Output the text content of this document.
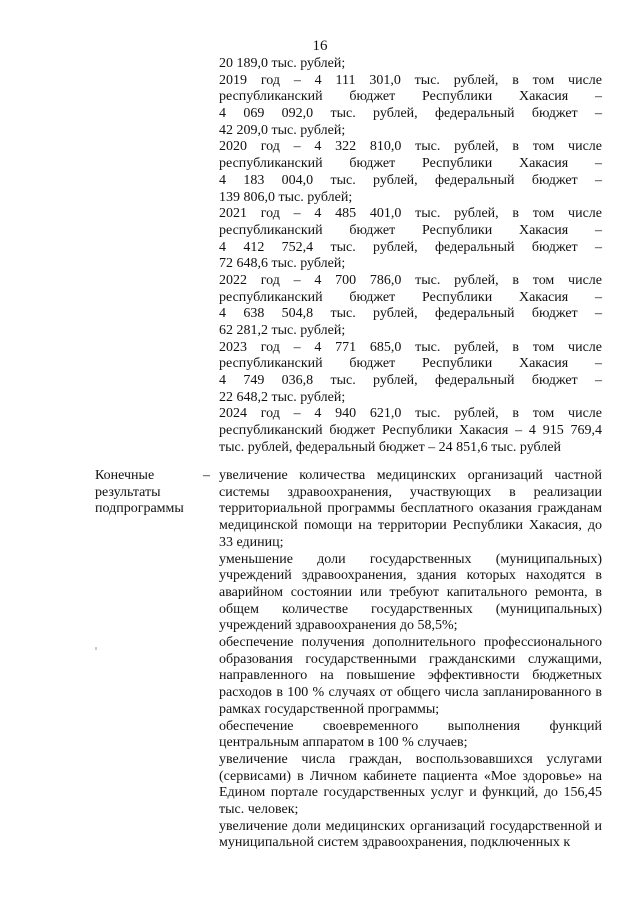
16
20 189,0 тыс. рублей;
2019 год – 4 111 301,0 тыс. рублей, в том числе
республиканский бюджет Республики Хакасия –
4 069 092,0 тыс. рублей, федеральный бюджет –
42 209,0 тыс. рублей;
2020 год – 4 322 810,0 тыс. рублей, в том числе
республиканский бюджет Республики Хакасия –
4 183 004,0 тыс. рублей, федеральный бюджет –
139 806,0 тыс. рублей;
2021 год – 4 485 401,0 тыс. рублей, в том числе
республиканский бюджет Республики Хакасия –
4 412 752,4 тыс. рублей, федеральный бюджет –
72 648,6 тыс. рублей;
2022 год – 4 700 786,0 тыс. рублей, в том числе
республиканский бюджет Республики Хакасия –
4 638 504,8 тыс. рублей, федеральный бюджет –
62 281,2 тыс. рублей;
2023 год – 4 771 685,0 тыс. рублей, в том числе
республиканский бюджет Республики Хакасия –
4 749 036,8 тыс. рублей, федеральный бюджет –
22 648,2 тыс. рублей;
2024 год – 4 940 621,0 тыс. рублей, в том числе
республиканский бюджет Республики Хакасия – 4 915 769,4
тыс. рублей, федеральный бюджет – 24 851,6 тыс. рублей
Конечные результаты подпрограммы
– увеличение количества медицинских организаций частной системы здравоохранения, участвующих в реализации территориальной программы бесплатного оказания гражданам медицинской помощи на территории Республики Хакасия, до 33 единиц;
уменьшение доли государственных (муниципальных) учреждений здравоохранения, здания которых находятся в аварийном состоянии или требуют капитального ремонта, в общем количестве государственных (муниципальных) учреждений здравоохранения до 58,5%;
обеспечение получения дополнительного профессионального образования государственными гражданскими служащими, направленного на повышение эффективности бюджетных расходов в 100 % случаях от общего числа запланированного в рамках государственной программы;
обеспечение своевременного выполнения функций центральным аппаратом в 100 % случаев;
увеличение числа граждан, воспользовавшихся услугами (сервисами) в Личном кабинете пациента «Мое здоровье» на Едином портале государственных услуг и функций, до 156,45 тыс. человек;
увеличение доли медицинских организаций государственной и муниципальной систем здравоохранения, подключенных к
